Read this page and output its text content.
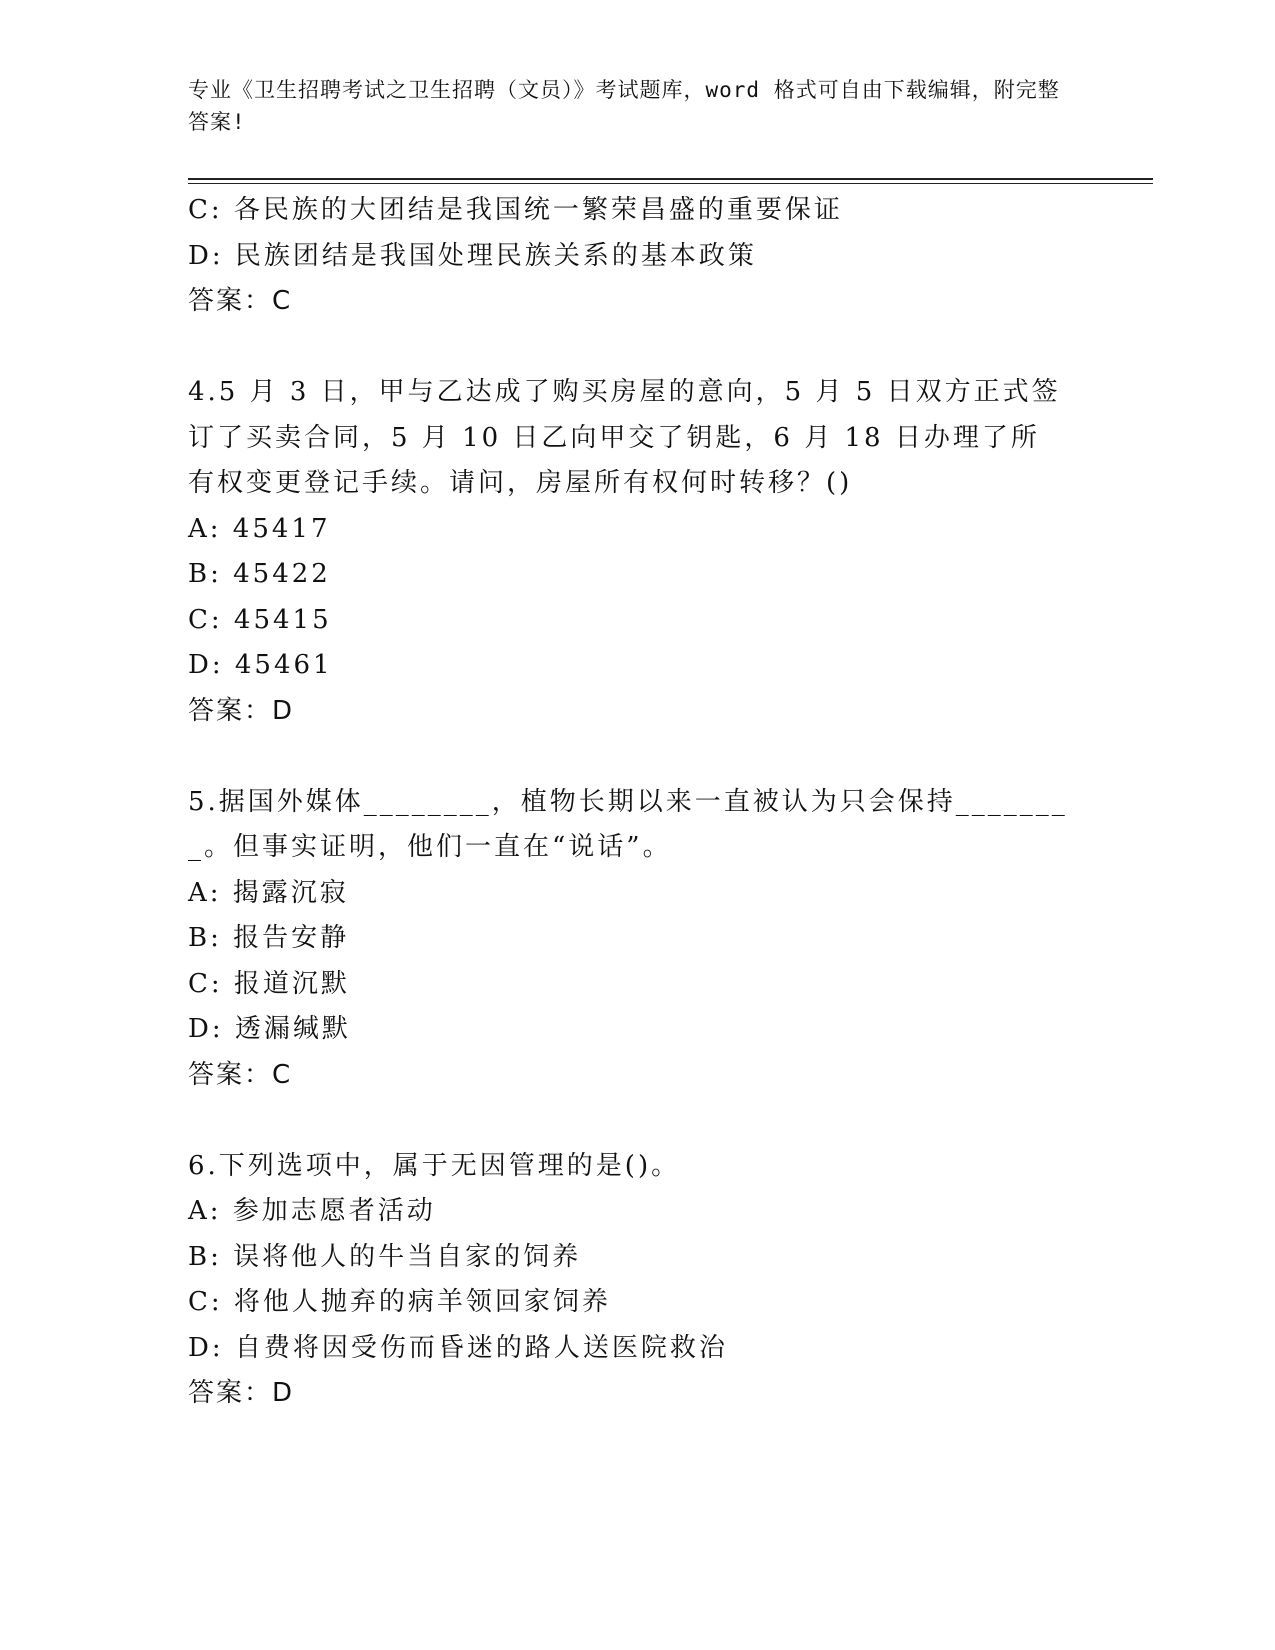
专业《卫生招聘考试之卫生招聘（文员）》考试题库，word 格式可自由下载编辑，附完整答案!
C: 各民族的大团结是我国统一繁荣昌盛的重要保证
D: 民族团结是我国处理民族关系的基本政策
答案：C
4.5 月 3 日，甲与乙达成了购买房屋的意向，5 月 5 日双方正式签订了买卖合同，5 月 10 日乙向甲交了钥匙，6 月 18 日办理了所有权变更登记手续。请问，房屋所有权何时转移？()
A: 45417
B: 45422
C: 45415
D: 45461
答案：D
5.据国外媒体________，植物长期以来一直被认为只会保持________。但事实证明，他们一直在“说话”。
A: 揭露沉寂
B: 报告安静
C: 报道沉默
D: 透漏缄默
答案：C
6.下列选项中，属于无因管理的是()。
A: 参加志愿者活动
B: 误将他人的牛当自家的饲养
C: 将他人抛弃的病羊领回家饲养
D: 自费将因受伤而昏迷的路人送医院救治
答案：D
